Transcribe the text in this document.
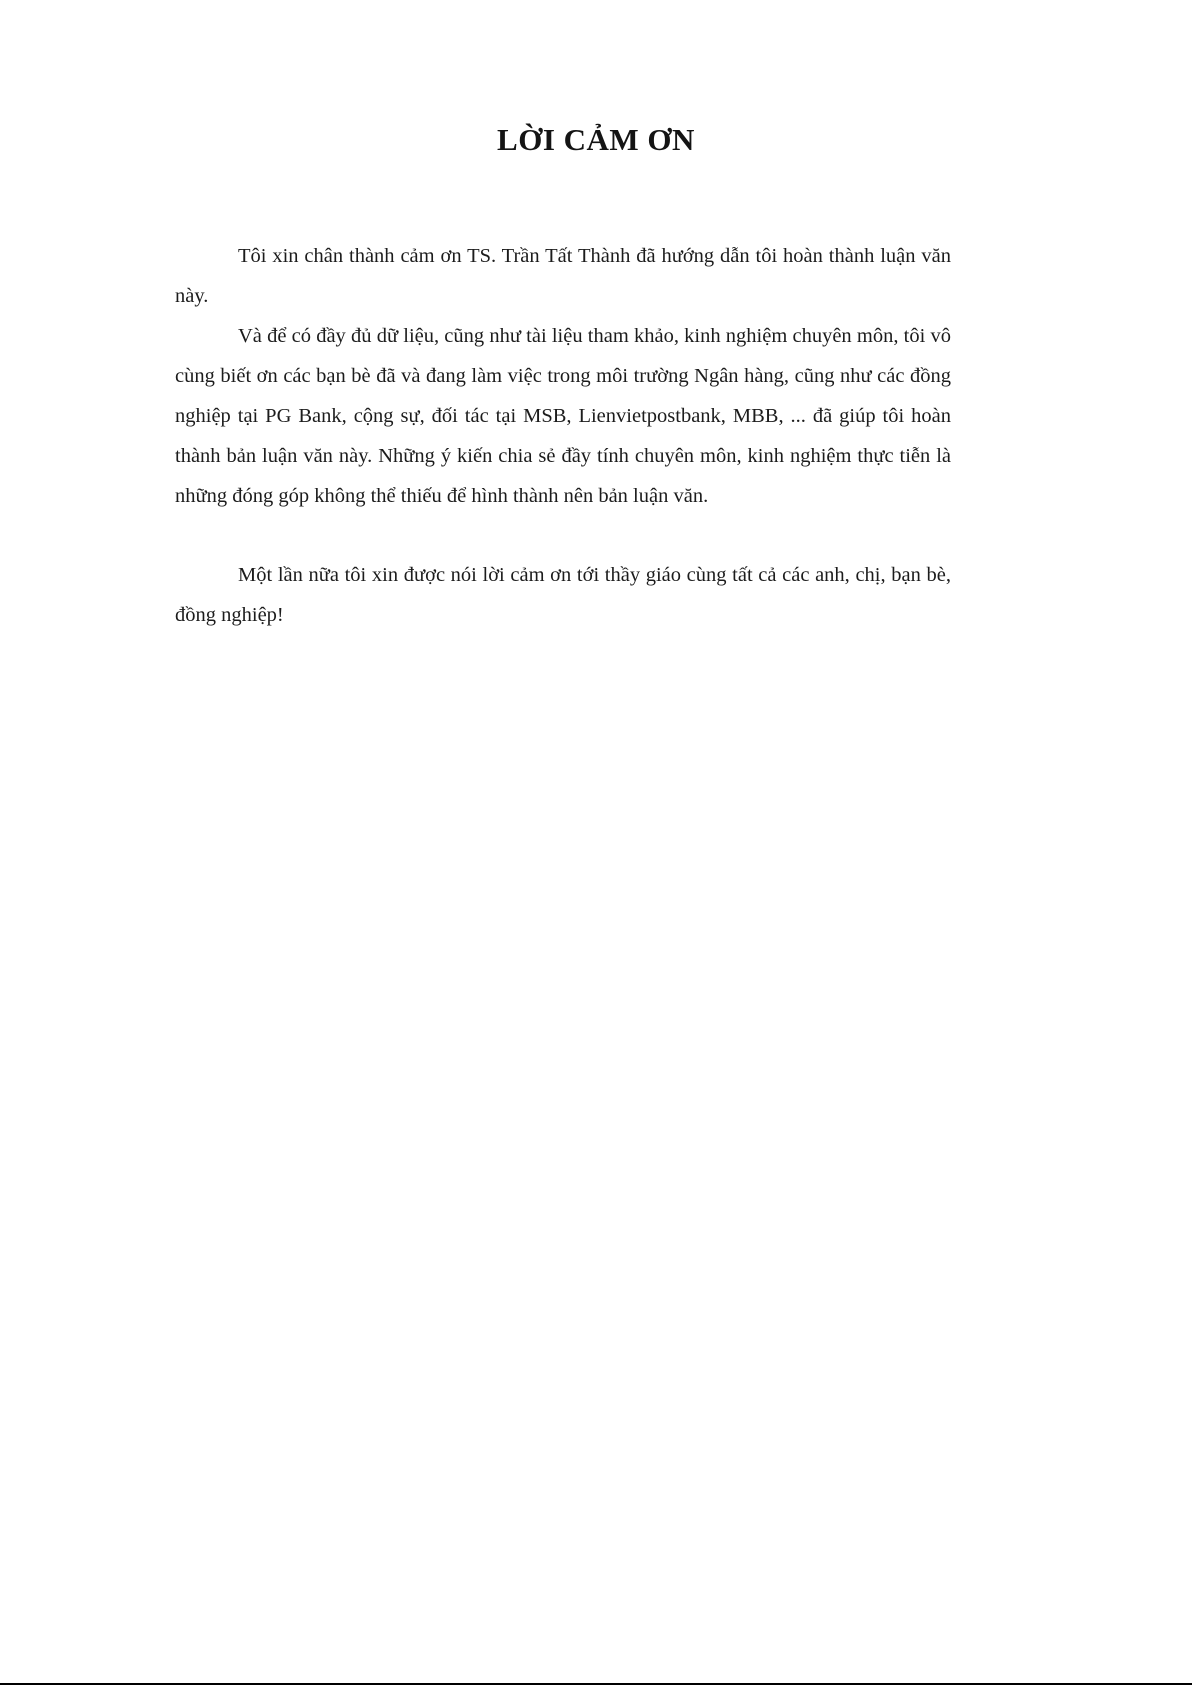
LỜI CẢM ƠN

Tôi xin chân thành cảm ơn TS. Trần Tất Thành đã hướng dẫn tôi hoàn thành luận văn này.

Và để có đầy đủ dữ liệu, cũng như tài liệu tham khảo, kinh nghiệm chuyên môn, tôi vô cùng biết ơn các bạn bè đã và đang làm việc trong môi trường Ngân hàng, cũng như các đồng nghiệp tại PG Bank, cộng sự, đối tác tại MSB, Lienvietpostbank, MBB, ... đã giúp tôi hoàn thành bản luận văn này. Những ý kiến chia sẻ đầy tính chuyên môn, kinh nghiệm thực tiễn là những đóng góp không thể thiếu để hình thành nên bản luận văn.

Một lần nữa tôi xin được nói lời cảm ơn tới thầy giáo cùng tất cả các anh, chị, bạn bè, đồng nghiệp!
